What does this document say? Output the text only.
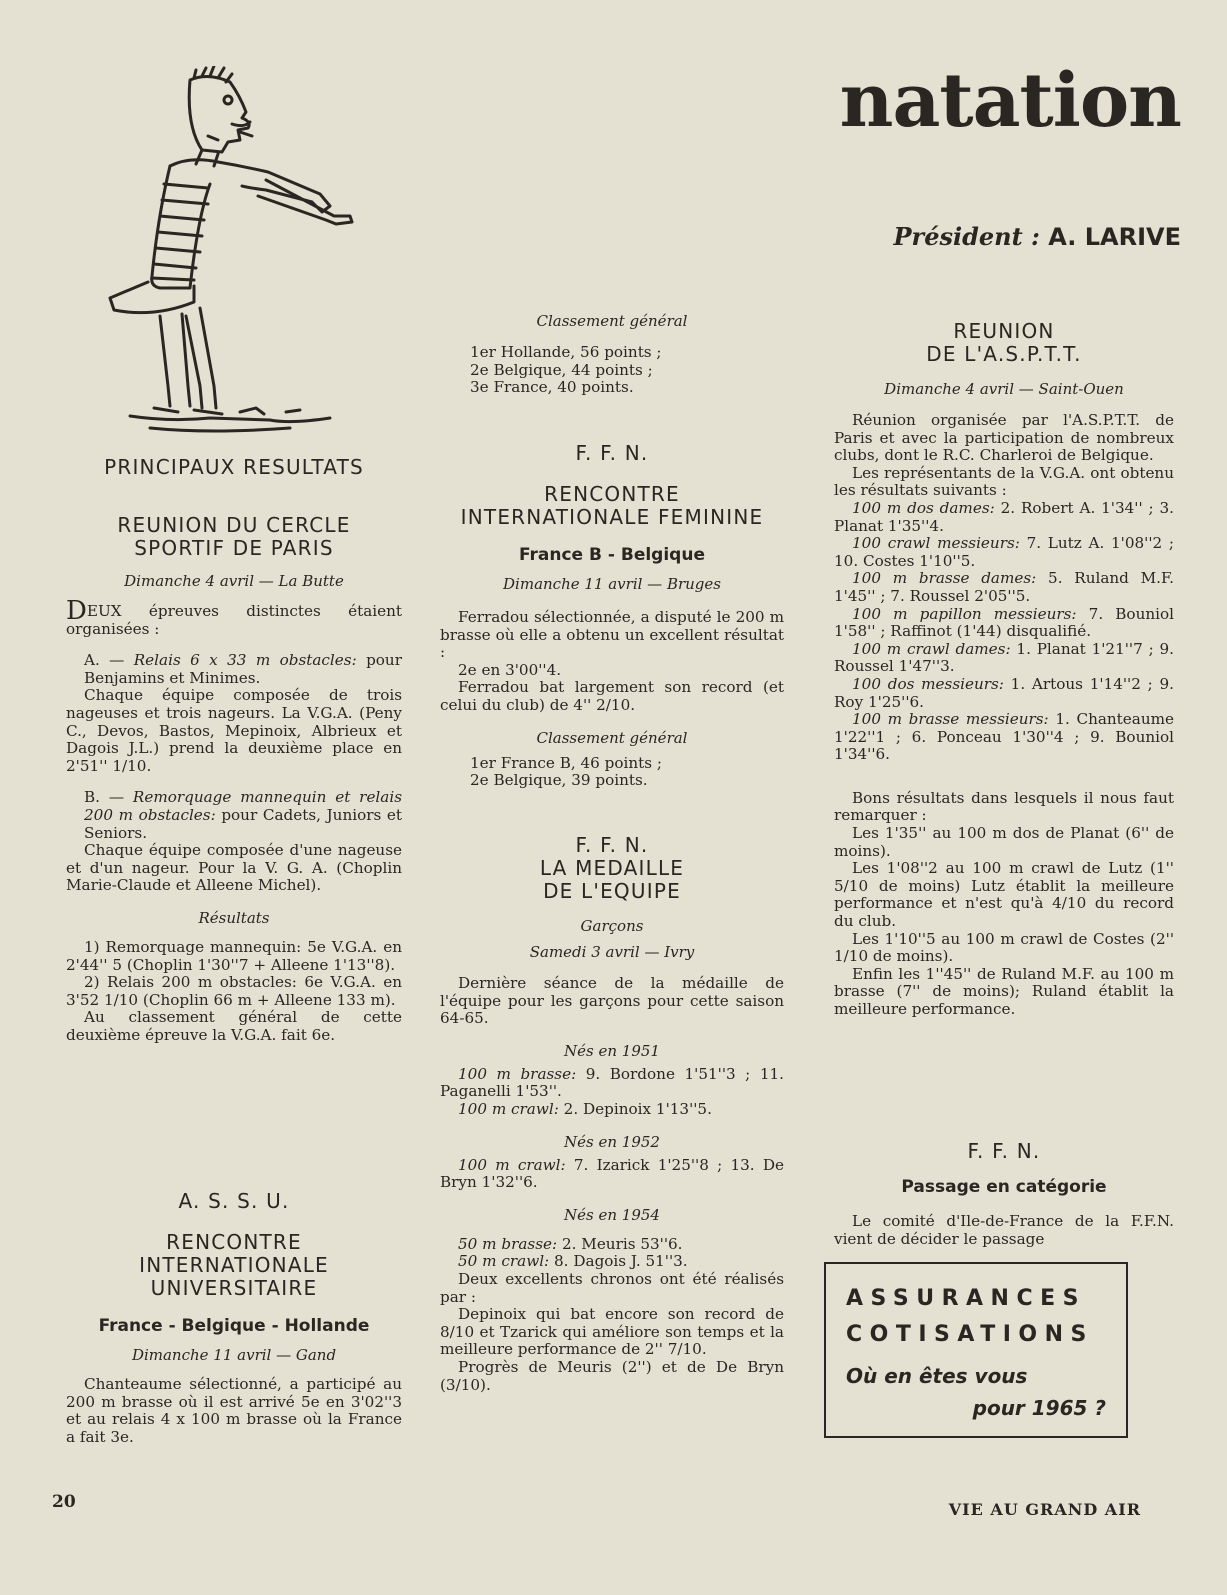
natation

Président : A. LARIVE

PRINCIPAUX RESULTATS

REUNION DU CERCLE

SPORTIF DE PARIS

Dimanche 4 avril — La Butte

DEUX épreuves distinctes étaient organisées :

A. — Relais 6 x 33 m obstacles: pour Benjamins et Minimes.

Chaque équipe composée de trois nageuses et trois nageurs. La V.G.A. (Peny C., Devos, Bastos, Mepinoix, Albrieux et Dagois J.L.) prend la deuxième place en 2'51'' 1/10.

B. — Remorquage mannequin et relais 200 m obstacles: pour Cadets, Juniors et Seniors.

Chaque équipe composée d'une nageuse et d'un nageur. Pour la V. G. A. (Choplin Marie-Claude et Alleene Michel).

Résultats

1) Remorquage mannequin: 5e V.G.A. en 2'44'' 5 (Choplin 1'30''7 + Alleene 1'13''8).

2) Relais 200 m obstacles: 6e V.G.A. en 3'52 1/10 (Choplin 66 m + Alleene 133 m).

Au classement général de cette deuxième épreuve la V.G.A. fait 6e.

A. S. S. U.

RENCONTRE

INTERNATIONALE

UNIVERSITAIRE

France - Belgique - Hollande

Dimanche 11 avril — Gand

Chanteaume sélectionné, a participé au 200 m brasse où il est arrivé 5e en 3'02''3 et au relais 4 x 100 m brasse où la France a fait 3e.

Classement général

1er Hollande, 56 points ;
2e Belgique, 44 points ;
3e France, 40 points.

F. F. N.

RENCONTRE

INTERNATIONALE FEMININE

France B - Belgique

Dimanche 11 avril — Bruges

Ferradou sélectionnée, a disputé le 200 m brasse où elle a obtenu un excellent résultat :

2e en 3'00''4.

Ferradou bat largement son record (et celui du club) de 4'' 2/10.

Classement général

1er France B, 46 points ;
2e Belgique, 39 points.

F. F. N.

LA MEDAILLE

DE L'EQUIPE

Garçons

Samedi 3 avril — Ivry

Dernière séance de la médaille de l'équipe pour les garçons pour cette saison 64-65.

Nés en 1951

100 m brasse: 9. Bordone 1'51''3 ; 11. Paganelli 1'53''.

100 m crawl: 2. Depinoix 1'13''5.

Nés en 1952

100 m crawl: 7. Izarick 1'25''8 ; 13. De Bryn 1'32''6.

Nés en 1954

50 m brasse: 2. Meuris 53''6.

50 m crawl: 8. Dagois J. 51''3.

Deux excellents chronos ont été réalisés par :

Depinoix qui bat encore son record de 8/10 et Tzarick qui améliore son temps et la meilleure performance de 2'' 7/10.

Progrès de Meuris (2'') et de De Bryn (3/10).

REUNION

DE L'A.S.P.T.T.

Dimanche 4 avril — Saint-Ouen

Réunion organisée par l'A.S.P.T.T. de Paris et avec la participation de nombreux clubs, dont le R.C. Charleroi de Belgique.

Les représentants de la V.G.A. ont obtenu les résultats suivants :

100 m dos dames: 2. Robert A. 1'34'' ; 3. Planat 1'35''4.

100 crawl messieurs: 7. Lutz A. 1'08''2 ; 10. Costes 1'10''5.

100 m brasse dames: 5. Ruland M.F. 1'45'' ; 7. Roussel 2'05''5.

100 m papillon messieurs: 7. Bouniol 1'58'' ; Raffinot (1'44) disqualifié.

100 m crawl dames: 1. Planat 1'21''7 ; 9. Roussel 1'47''3.

100 dos messieurs: 1. Artous 1'14''2 ; 9. Roy 1'25''6.

100 m brasse messieurs: 1. Chanteaume 1'22''1 ; 6. Ponceau 1'30''4 ; 9. Bouniol 1'34''6.

Bons résultats dans lesquels il nous faut remarquer :

Les 1'35'' au 100 m dos de Planat (6'' de moins).

Les 1'08''2 au 100 m crawl de Lutz (1'' 5/10 de moins) Lutz établit la meilleure performance et n'est qu'à 4/10 du record du club.

Les 1'10''5 au 100 m crawl de Costes (2'' 1/10 de moins).

Enfin les 1''45'' de Ruland M.F. au 100 m brasse (7'' de moins); Ruland établit la meilleure performance.

F. F. N.

Passage en catégorie

Le comité d'Ile-de-France de la F.F.N. vient de décider le passage

ASSURANCES

COTISATIONS

Où en êtes vous

pour 1965 ?

20	VIE AU GRAND AIR
